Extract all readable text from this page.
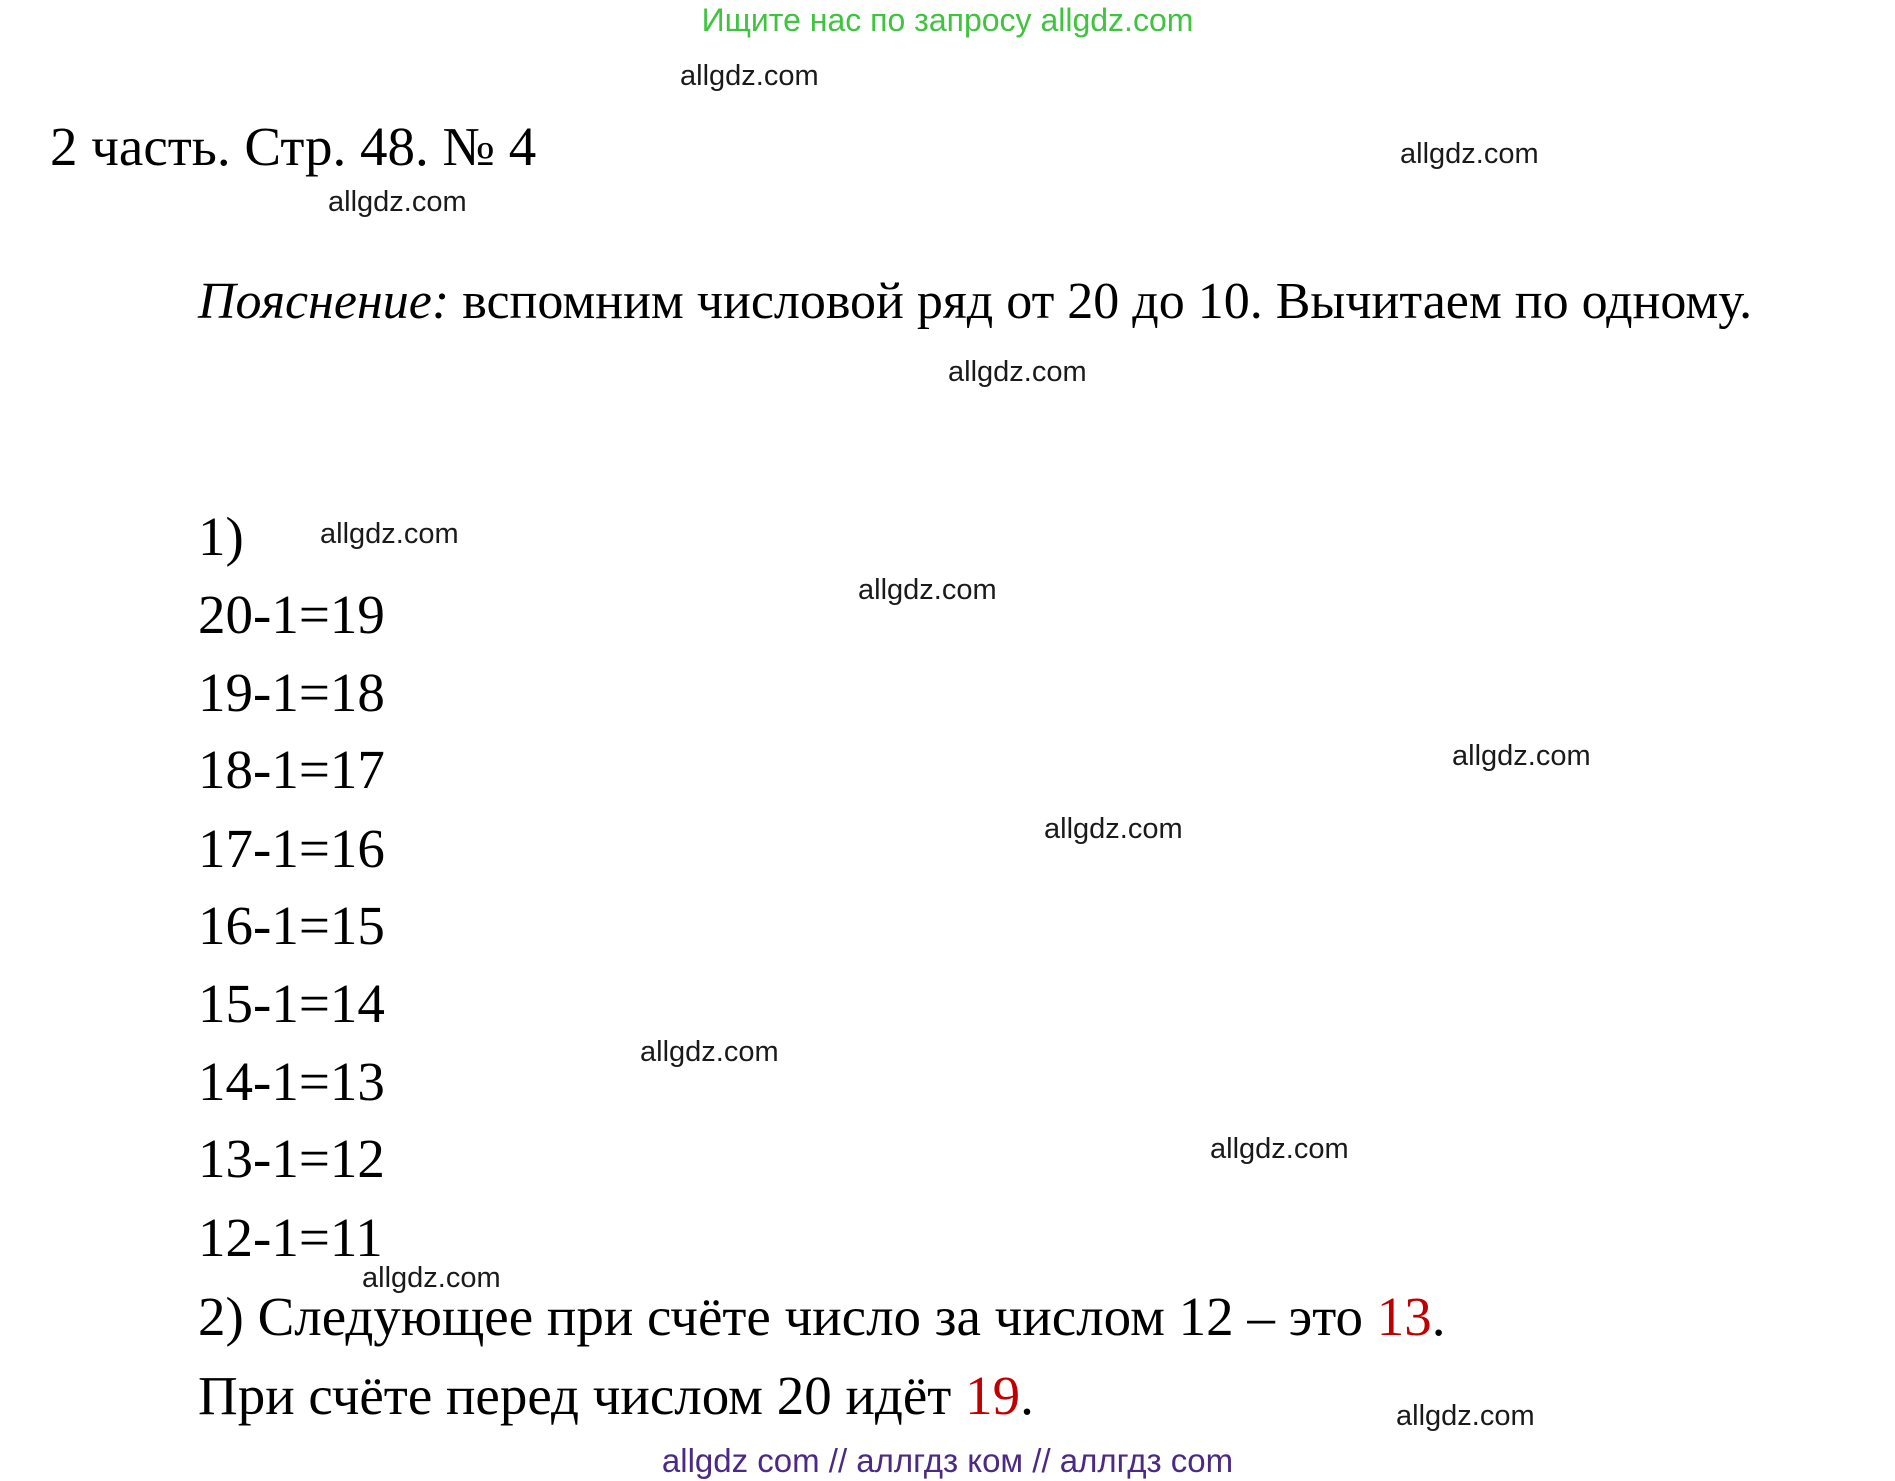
Ищите нас по запросу allgdz.com
2 часть. Стр. 48. № 4
Пояснение: вспомним числовой ряд от 20 до 10. Вычитаем по одному.
1)
20-1=19
19-1=18
18-1=17
17-1=16
16-1=15
15-1=14
14-1=13
13-1=12
12-1=11
2) Следующее при счёте число за числом 12 – это 13.
При счёте перед числом 20 идёт 19.
allgdz.com
allgdz.com
allgdz.com
allgdz.com
allgdz.com
allgdz.com
allgdz.com
allgdz.com
allgdz.com
allgdz.com
allgdz.com
allgdz.com
allgdz com // аллгдз ком // аллгдз com
